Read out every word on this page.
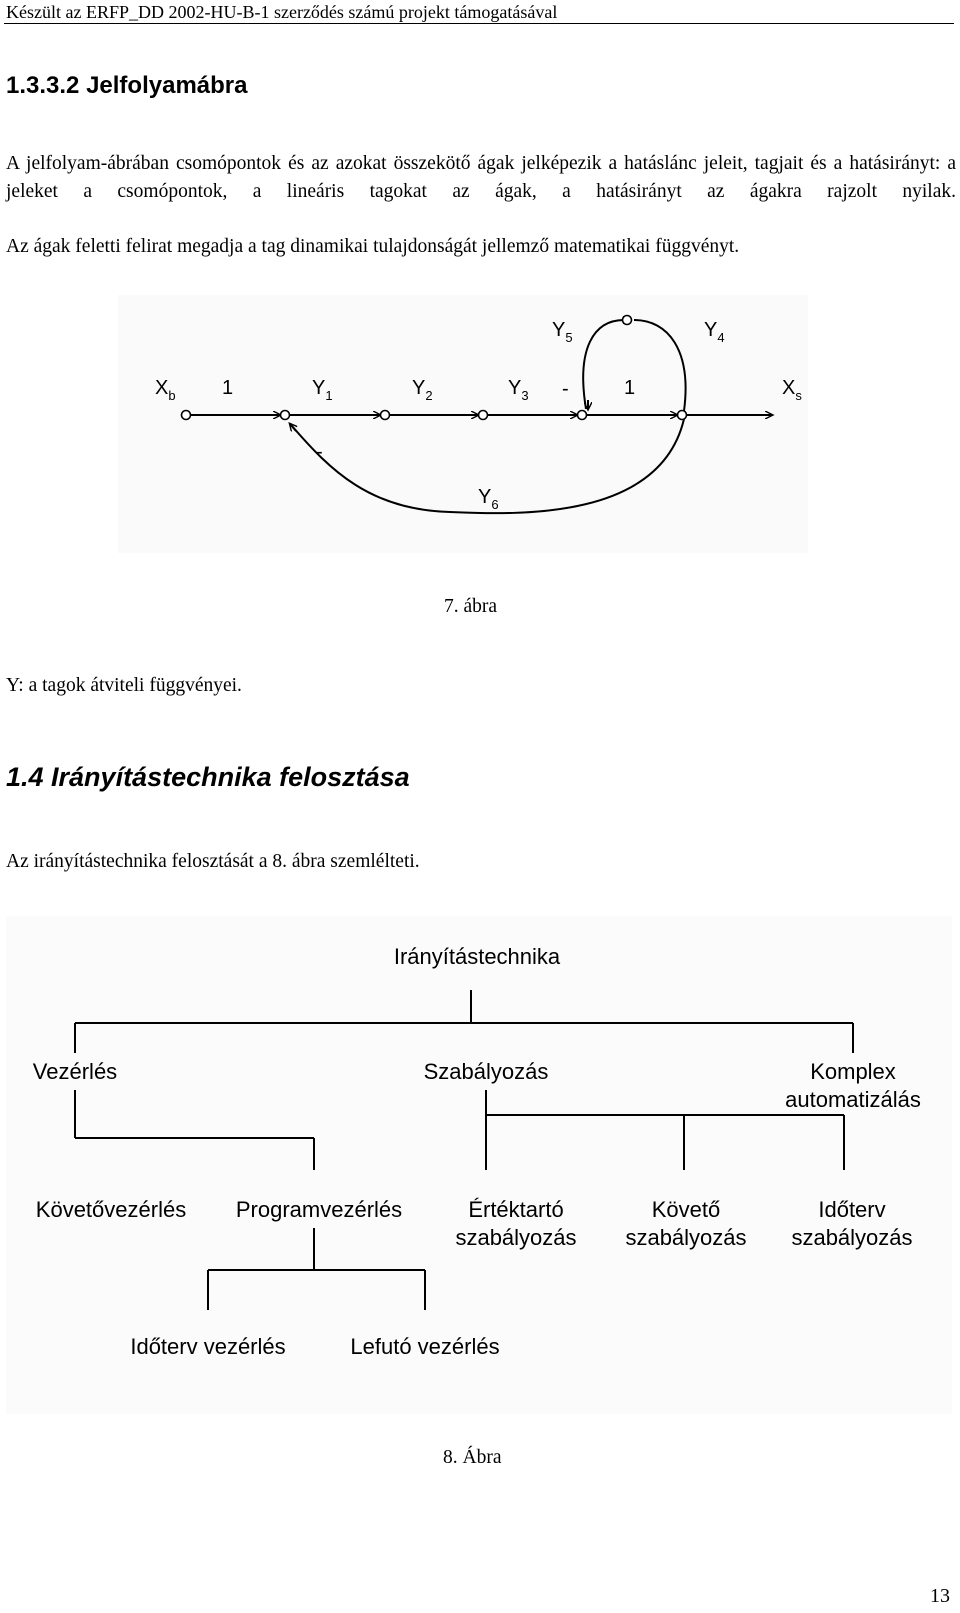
Készült az ERFP_DD 2002-HU-B-1 szerződés számú projekt támogatásával
1.3.3.2 Jelfolyamábra
A jelfolyam-ábrában csomópontok és az azokat összekötő ágak jelképezik a hatáslánc jeleit, tagjait és a hatásirányt: a jeleket a csomópontok, a lineáris tagokat az ágak, a hatásirányt az ágakra rajzolt nyilak.
Az ágak feletti felirat megadja a tag dinamikai tulajdonságát jellemző matematikai függvényt.
$X_b$ 1	$Y_1$	$Y_2$	$Y_3$ -	1	$X_s$
$Y_5$	$Y_4$
-
$Y_6$
7. ábra
Y: a tagok átviteli függvényei.
1.4 Irányítástechnika felosztása
Az irányítástechnika felosztását a 8. ábra szemlélteti.
Irányítástechnika
Vezérlés	Szabályozás	Komplex
automatizálás
Követővezérlés Programvezérlés	Értéktartó
szabályozás
Követő
szabályozás
Időterv
szabályozás
Időterv vezérlés	Lefutó vezérlés
8. Ábra
13
